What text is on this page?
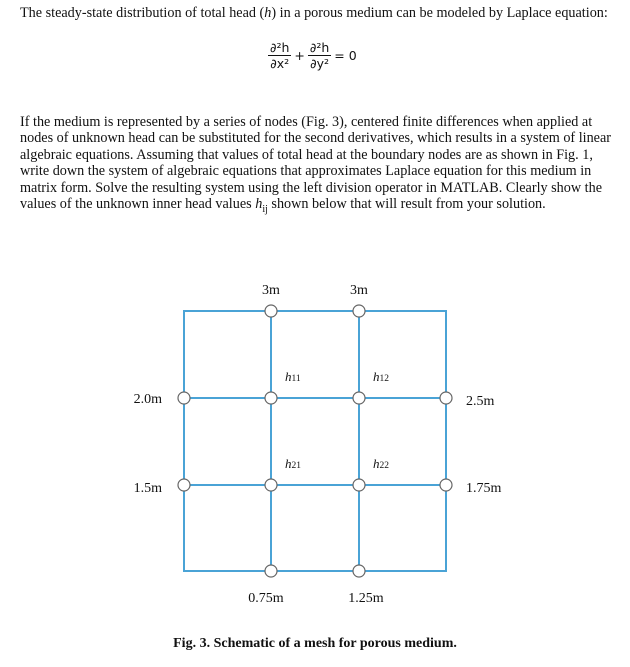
The steady-state distribution of total head (h) in a porous medium can be modeled by Laplace equation:

$\frac{\text{∂²h}}{\text{∂x²}} + \frac{\text{∂²h}}{\text{∂y²}} = 0$

If the medium is represented by a series of nodes (Fig. 3), centered finite differences when applied at nodes of unknown head can be substituted for the second derivatives, which results in a system of linear algebraic equations. Assuming that values of total head at the boundary nodes are as shown in Fig. 1, write down the system of algebraic equations that approximates Laplace equation for this medium in matrix form. Solve the resulting system using the left division operator in MATLAB. Clearly show the values of the unknown inner head values $h_{ij}$ shown below that will result from your solution.

3m	3m
2.0m
1.5m
2.5m
1.75m
0.75m	1.25m
h11	h12
h21	h22

Fig. 3. Schematic of a mesh for porous medium.
